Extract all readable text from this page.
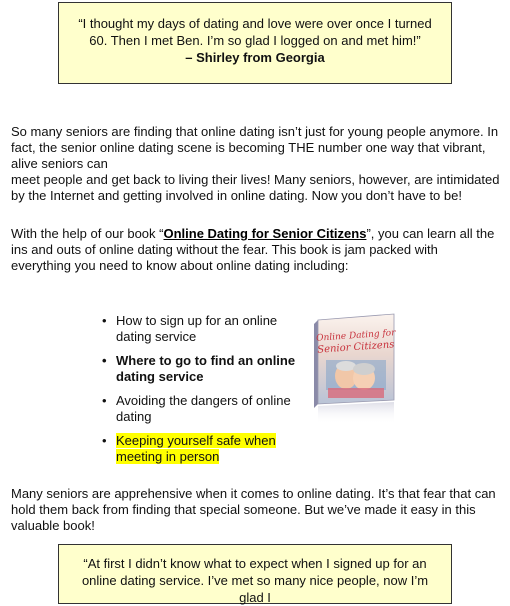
“I thought my days of dating and love were over once I turned 60. Then I met Ben. I’m so glad I logged on and met him!”
– Shirley from Georgia

So many seniors are finding that online dating isn’t just for young people anymore. In fact, the senior online dating scene is becoming THE number one way that vibrant, alive seniors can
meet people and get back to living their lives! Many seniors, however, are intimidated by the Internet and getting involved in online dating. Now you don’t have to be!

With the help of our book “Online Dating for Senior Citizens”, you can learn all the ins and outs of online dating without the fear. This book is jam packed with everything you need to know about online dating including:

• How to sign up for an online dating service
• Where to go to find an online dating service
• Avoiding the dangers of online dating
• Keeping yourself safe when meeting in person
Online Dating for
Senior Citizens

Many seniors are apprehensive when it comes to online dating. It’s that fear that can hold them back from finding that special someone. But we’ve made it easy in this valuable book!

“At first I didn’t know what to expect when I signed up for an online dating service. I’ve met so many nice people, now I’m glad I
